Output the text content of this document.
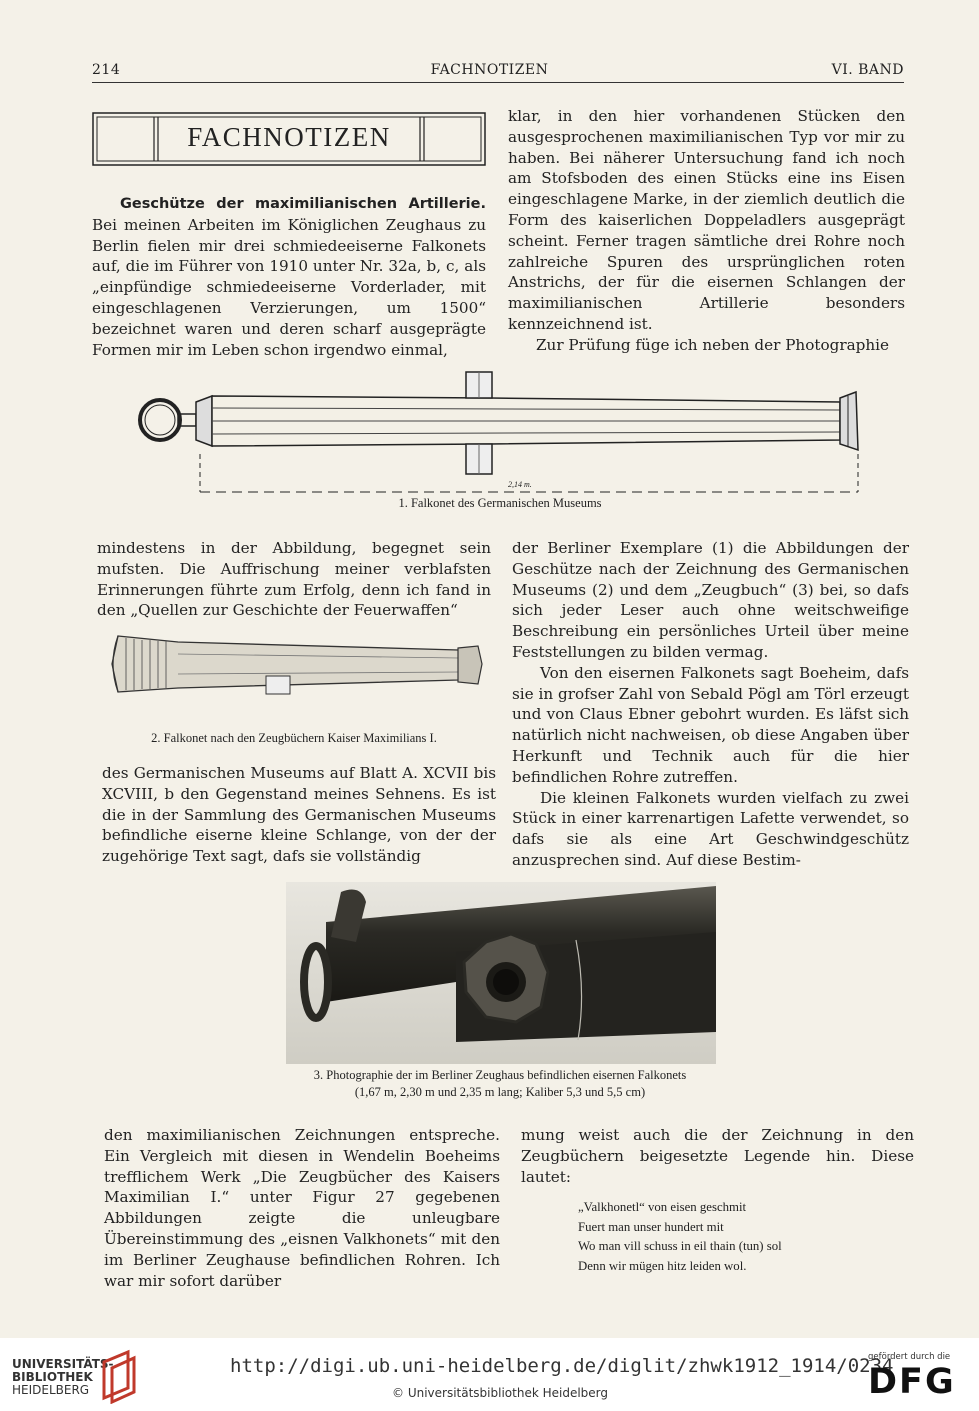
214	FACHNOTIZEN	VI. BAND
FACHNOTIZEN

Geschütze der maximilianischen Artillerie. Bei meinen Arbeiten im Königlichen Zeughaus zu Berlin fielen mir drei schmiedeeiserne Falkonets auf, die im Führer von 1910 unter Nr. 32a, b, c, als „einpfündige schmiedeeiserne Vorderlader, mit eingeschlagenen Verzierungen, um 1500“ bezeichnet waren und deren scharf ausgeprägte Formen mir im Leben schon irgendwo einmal,

klar, in den hier vorhandenen Stücken den ausgesprochenen maximilianischen Typ vor mir zu haben. Bei näherer Untersuchung fand ich noch am Stofsboden des einen Stücks eine ins Eisen eingeschlagene Marke, in der ziemlich deutlich die Form des kaiserlichen Doppeladlers ausgeprägt scheint. Ferner tragen sämtliche drei Rohre noch zahlreiche Spuren des ursprünglichen roten Anstrichs, der für die eisernen Schlangen der maximilianischen Artillerie besonders kennzeichnend ist.

Zur Prüfung füge ich neben der Photographie

2,14 m.
1. Falkonet des Germanischen Museums

mindestens in der Abbildung, begegnet sein mufsten. Die Auffrischung meiner verblafsten Erinnerungen führte zum Erfolg, denn ich fand in den „Quellen zur Geschichte der Feuerwaffen“

2. Falkonet nach den Zeugbüchern Kaiser Maximilians I.

des Germanischen Museums auf Blatt A. XCVII bis XCVIII, b den Gegenstand meines Sehnens. Es ist die in der Sammlung des Germanischen Museums befindliche eiserne kleine Schlange, von der der zugehörige Text sagt, dafs sie vollständig

der Berliner Exemplare (1) die Abbildungen der Geschütze nach der Zeichnung des Germanischen Museums (2) und dem „Zeugbuch“ (3) bei, so dafs sich jeder Leser auch ohne weitschweifige Beschreibung ein persönliches Urteil über meine Feststellungen zu bilden vermag.

Von den eisernen Falkonets sagt Boeheim, dafs sie in grofser Zahl von Sebald Pögl am Törl erzeugt und von Claus Ebner gebohrt wurden. Es läfst sich natürlich nicht nachweisen, ob diese Angaben über Herkunft und Technik auch für die hier befindlichen Rohre zutreffen.

Die kleinen Falkonets wurden vielfach zu zwei Stück in einer karrenartigen Lafette verwendet, so dafs sie als eine Art Geschwindgeschütz anzusprechen sind. Auf diese Bestim-

3. Photographie der im Berliner Zeughaus befindlichen eisernen Falkonets
(1,67 m, 2,30 m und 2,35 m lang; Kaliber 5,3 und 5,5 cm)

den maximilianischen Zeichnungen entspreche. Ein Vergleich mit diesen in Wendelin Boeheims trefflichem Werk „Die Zeugbücher des Kaisers Maximilian I.“ unter Figur 27 gegebenen Abbildungen zeigte die unleugbare Übereinstimmung des „eisnen Valkhonets“ mit den im Berliner Zeughause befindlichen Rohren. Ich war mir sofort darüber

mung weist auch die der Zeichnung in den Zeugbüchern beigesetzte Legende hin. Diese lautet:

„Valkhonetl“ von eisen geschmit
Fuert man unser hundert mit
Wo man vill schuss in eil thain (tun) sol
Denn wir mügen hitz leiden wol.
UNIVERSITÄTS-
BIBLIOTHEK
HEIDELBERG
http://digi.ub.uni-heidelberg.de/diglit/zhwk1912_1914/0234
© Universitätsbibliothek Heidelberg
gefördert durch die
DFG
